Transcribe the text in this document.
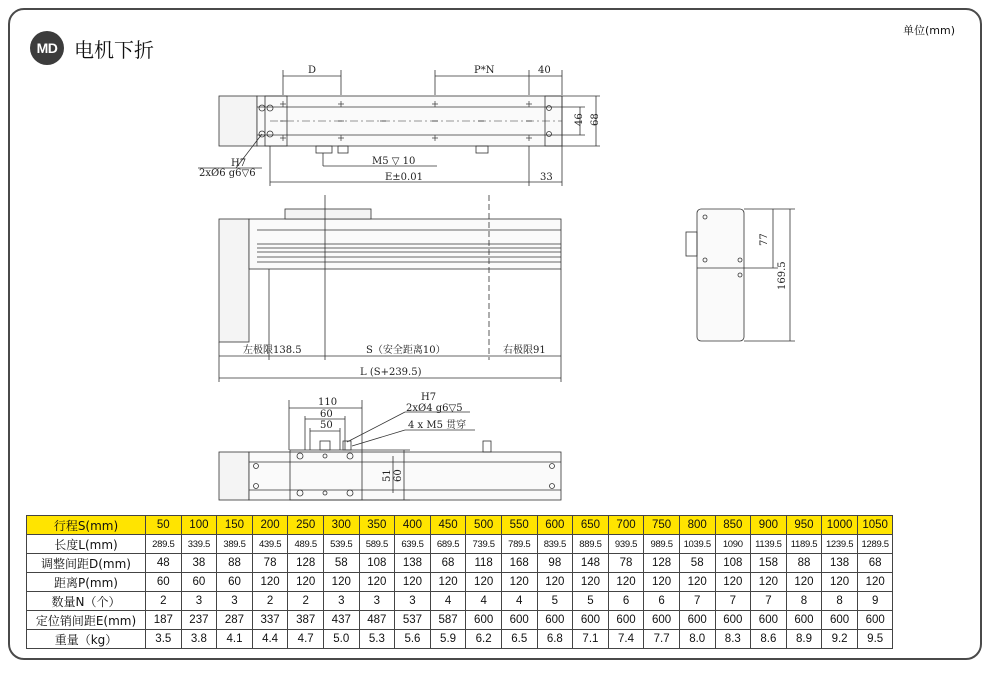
MD 电机下折
单位(mm)
D	P*N	40
46 68
H7
2xØ6 g6▽6
M5 ▽ 10
E±0.01	33
左极限138.5	S（安全距离10）	右极限91
L (S+239.5)
77
169.5
110
60
50
H7
2xØ4 g6▽5
4 x M5 贯穿
51 60
行程S(mm)	50	100	150	200	250	300	350	400	450	500	550	600	650	700	750	800	850	900	950	1000	1050
长度L(mm)	289.5	339.5	389.5	439.5	489.5	539.5	589.5	639.5	689.5	739.5	789.5	839.5	889.5	939.5	989.5	1039.5	1090	1139.5	1189.5	1239.5	1289.5
调整间距D(mm)	48	38	88	78	128	58	108	138	68	118	168	98	148	78	128	58	108	158	88	138	68
距离P(mm)	60	60	60	120	120	120	120	120	120	120	120	120	120	120	120	120	120	120	120	120	120
数量N（个）	2	3	3	2	2	3	3	3	4	4	4	5	5	6	6	7	7	7	8	8	9
定位销间距E(mm)	187	237	287	337	387	437	487	537	587	600	600	600	600	600	600	600	600	600	600	600	600
重量（kg）	3.5	3.8	4.1	4.4	4.7	5.0	5.3	5.6	5.9	6.2	6.5	6.8	7.1	7.4	7.7	8.0	8.3	8.6	8.9	9.2	9.5
